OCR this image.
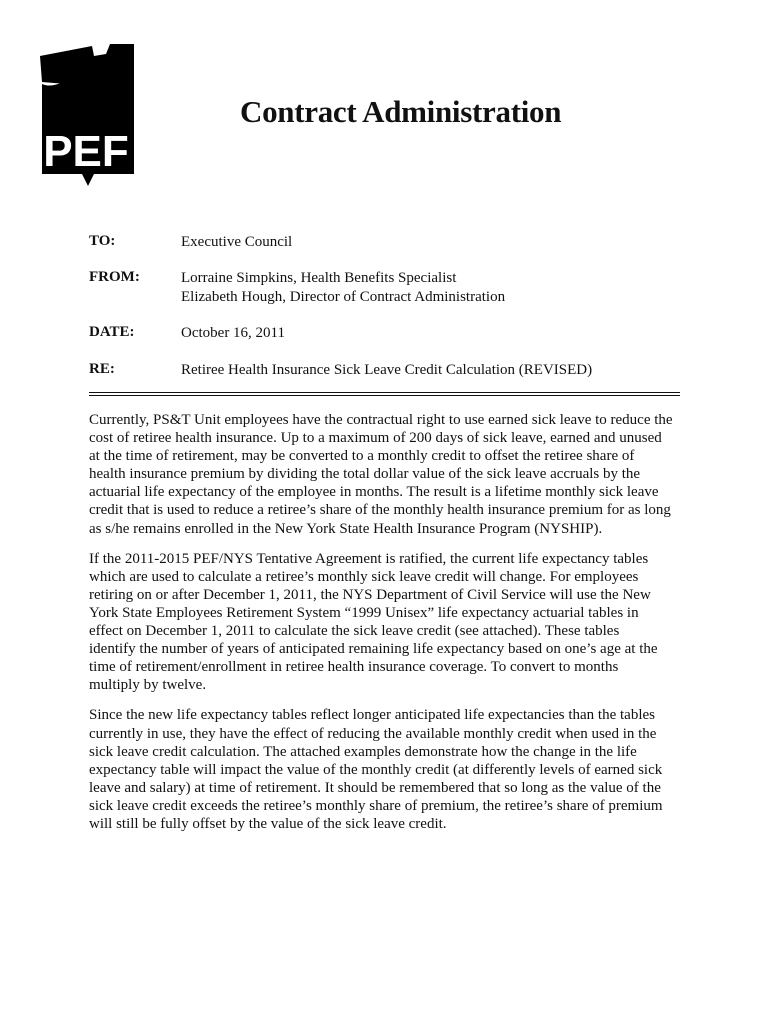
PEF
Contract Administration
TO:	Executive Council
FROM:	Lorraine Simpkins, Health Benefits Specialist
Elizabeth Hough, Director of Contract Administration
DATE:	October 16, 2011
RE:	Retiree Health Insurance Sick Leave Credit Calculation (REVISED)

Currently, PS&T Unit employees have the contractual right to use earned sick leave to reduce the
cost of retiree health insurance. Up to a maximum of 200 days of sick leave, earned and unused
at the time of retirement, may be converted to a monthly credit to offset the retiree share of
health insurance premium by dividing the total dollar value of the sick leave accruals by the
actuarial life expectancy of the employee in months. The result is a lifetime monthly sick leave
credit that is used to reduce a retiree’s share of the monthly health insurance premium for as long
as s/he remains enrolled in the New York State Health Insurance Program (NYSHIP).

If the 2011-2015 PEF/NYS Tentative Agreement is ratified, the current life expectancy tables
which are used to calculate a retiree’s monthly sick leave credit will change. For employees
retiring on or after December 1, 2011, the NYS Department of Civil Service will use the New
York State Employees Retirement System “1999 Unisex” life expectancy actuarial tables in
effect on December 1, 2011 to calculate the sick leave credit (see attached). These tables
identify the number of years of anticipated remaining life expectancy based on one’s age at the
time of retirement/enrollment in retiree health insurance coverage. To convert to months
multiply by twelve.

Since the new life expectancy tables reflect longer anticipated life expectancies than the tables
currently in use, they have the effect of reducing the available monthly credit when used in the
sick leave credit calculation. The attached examples demonstrate how the change in the life
expectancy table will impact the value of the monthly credit (at differently levels of earned sick
leave and salary) at time of retirement. It should be remembered that so long as the value of the
sick leave credit exceeds the retiree’s monthly share of premium, the retiree’s share of premium
will still be fully offset by the value of the sick leave credit.
